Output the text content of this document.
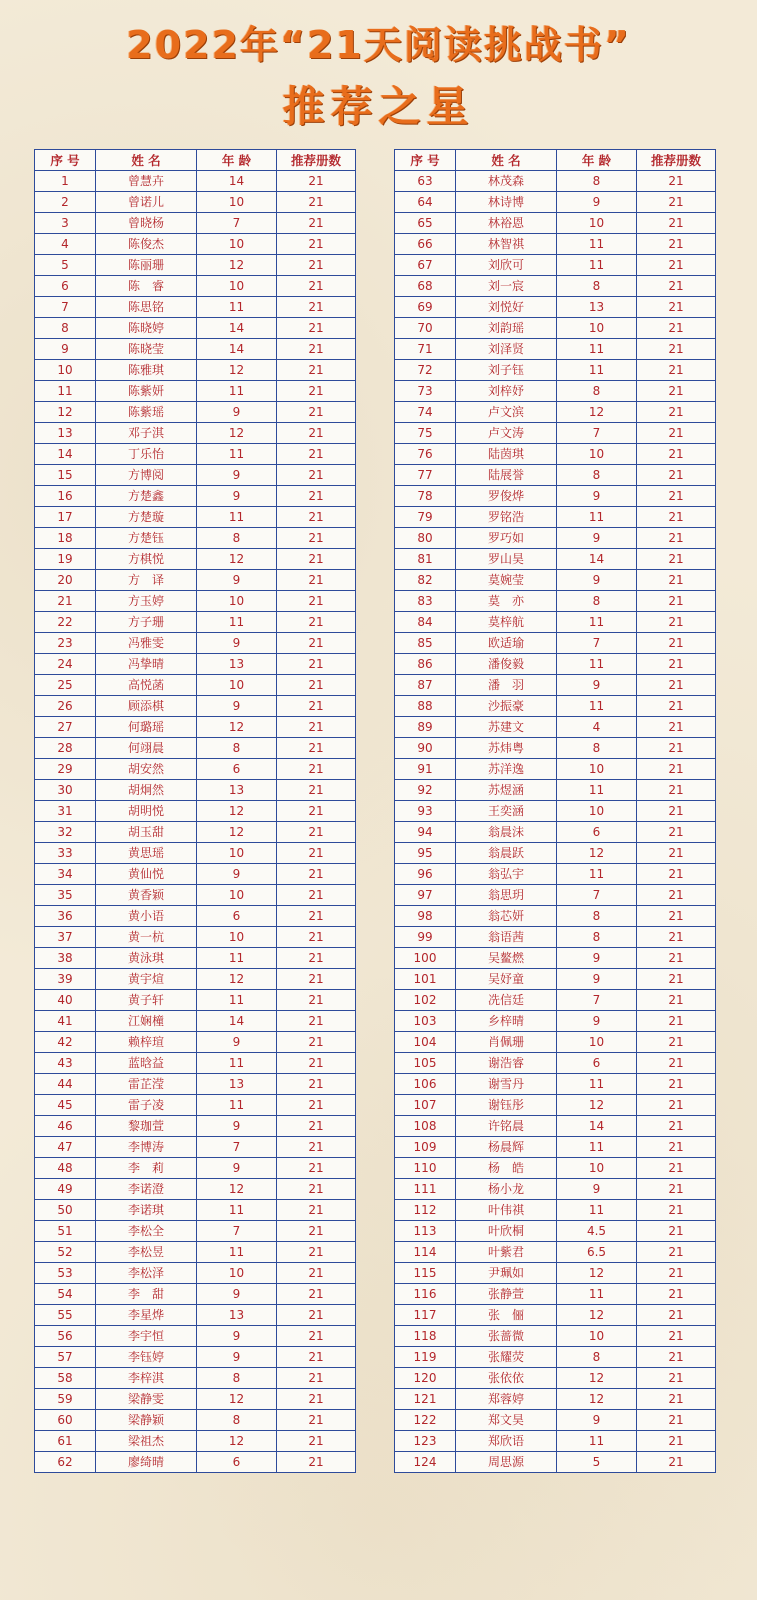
2022年“21天阅读挑战书”
推荐之星
序 号	姓 名	年 龄	推荐册数
1	曾慧卉	14	21
2	曾诺儿	10	21
3	曾晓杨	7	21
4	陈俊杰	10	21
5	陈丽珊	12	21
6	陈　睿	10	21
7	陈思铭	11	21
8	陈晓婷	14	21
9	陈晓莹	14	21
10	陈雅琪	12	21
11	陈紫妍	11	21
12	陈紫瑶	9	21
13	邓子淇	12	21
14	丁乐怡	11	21
15	方博阅	9	21
16	方楚鑫	9	21
17	方楚璇	11	21
18	方楚钰	8	21
19	方棋悦	12	21
20	方　译	9	21
21	方玉婷	10	21
22	方子珊	11	21
23	冯雅雯	9	21
24	冯挚晴	13	21
25	高悦菡	10	21
26	顾添棋	9	21
27	何璐瑶	12	21
28	何翊晨	8	21
29	胡安然	6	21
30	胡炯然	13	21
31	胡明悦	12	21
32	胡玉甜	12	21
33	黄思瑶	10	21
34	黄仙悦	9	21
35	黄香颖	10	21
36	黄小语	6	21
37	黄一杭	10	21
38	黄泳琪	11	21
39	黄宇煊	12	21
40	黄子轩	11	21
41	江娴橦	14	21
42	赖梓瑄	9	21
43	蓝晗益	11	21
44	雷芷滢	13	21
45	雷子凌	11	21
46	黎珈萱	9	21
47	李博涛	7	21
48	李　莉	9	21
49	李诺澄	12	21
50	李诺琪	11	21
51	李松全	7	21
52	李松昱	11	21
53	李松泽	10	21
54	李　甜	9	21
55	李星烨	13	21
56	李宇恒	9	21
57	李钰婷	9	21
58	李梓淇	8	21
59	梁静雯	12	21
60	梁静颖	8	21
61	梁祖杰	12	21
62	廖绮晴	6	21
序 号	姓 名	年 龄	推荐册数
63	林茂森	8	21
64	林诗博	9	21
65	林裕恩	10	21
66	林智祺	11	21
67	刘欣可	11	21
68	刘一宸	8	21
69	刘悦好	13	21
70	刘韵瑶	10	21
71	刘泽贤	11	21
72	刘子钰	11	21
73	刘梓妤	8	21
74	卢文滨	12	21
75	卢文涛	7	21
76	陆茵琪	10	21
77	陆展誉	8	21
78	罗俊烨	9	21
79	罗铭浩	11	21
80	罗巧如	9	21
81	罗山昊	14	21
82	莫婉莹	9	21
83	莫　亦	8	21
84	莫梓航	11	21
85	欧适瑜	7	21
86	潘俊毅	11	21
87	潘　羽	9	21
88	沙振豪	11	21
89	苏建文	4	21
90	苏炜粤	8	21
91	苏洋逸	10	21
92	苏煜涵	11	21
93	王奕涵	10	21
94	翁晨沫	6	21
95	翁晨跃	12	21
96	翁弘宇	11	21
97	翁思玥	7	21
98	翁芯妍	8	21
99	翁语茜	8	21
100	吴鳌燃	9	21
101	吴妤童	9	21
102	冼信廷	7	21
103	乡梓晴	9	21
104	肖佩珊	10	21
105	谢浩睿	6	21
106	谢雪丹	11	21
107	谢钰彤	12	21
108	许铭晨	14	21
109	杨晨辉	11	21
110	杨　皓	10	21
111	杨小龙	9	21
112	叶伟祺	11	21
113	叶欣桐	4.5	21
114	叶紫君	6.5	21
115	尹珮如	12	21
116	张静萱	11	21
117	张　俪	12	21
118	张蔷微	10	21
119	张耀荧	8	21
120	张依依	12	21
121	郑蓉婷	12	21
122	郑文昊	9	21
123	郑欣语	11	21
124	周思源	5	21
